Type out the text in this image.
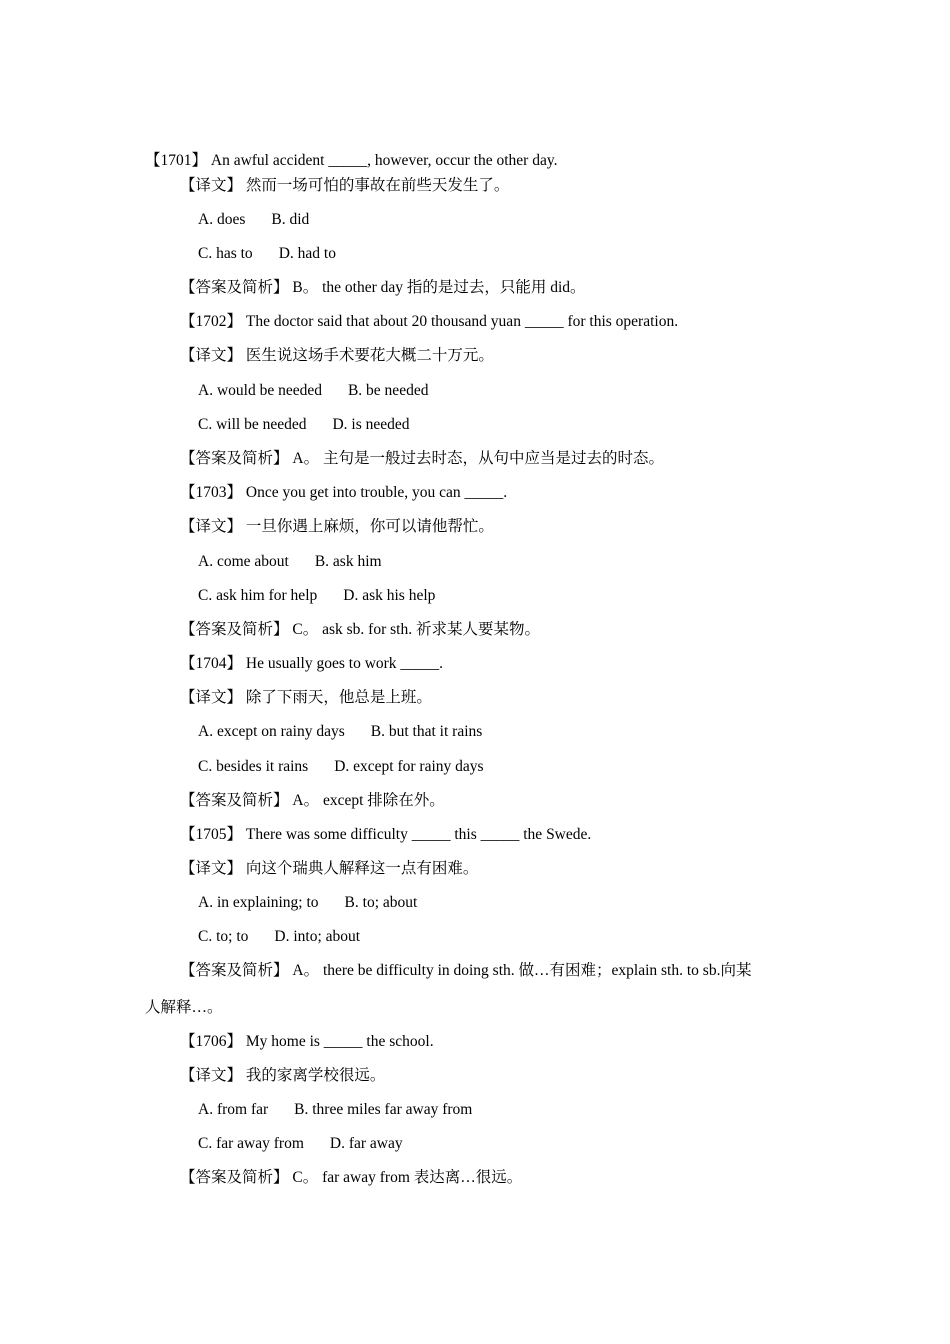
【1701】 An awful accident _____, however, occur the other day.
【译文】 然而一场可怕的事故在前些天发生了。
A. does B. did
C. has to D. had to
【答案及简析】 B。 the other day 指的是过去，只能用 did。
【1702】 The doctor said that about 20 thousand yuan _____ for this operation.
【译文】 医生说这场手术要花大概二十万元。
A. would be needed B. be needed
C. will be needed D. is needed
【答案及简析】 A。 主句是一般过去时态，从句中应当是过去的时态。
【1703】 Once you get into trouble, you can _____.
【译文】 一旦你遇上麻烦，你可以请他帮忙。
A. come about B. ask him
C. ask him for help D. ask his help
【答案及简析】 C。 ask sb. for sth. 祈求某人要某物。
【1704】 He usually goes to work _____.
【译文】 除了下雨天，他总是上班。
A. except on rainy days B. but that it rains
C. besides it rains D. except for rainy days
【答案及简析】 A。 except 排除在外。
【1705】 There was some difficulty _____ this _____ the Swede.
【译文】 向这个瑞典人解释这一点有困难。
A. in explaining; to B. to; about
C. to; to D. into; about
【答案及简析】 A。 there be difficulty in doing sth. 做…有困难；explain sth. to sb.向某
人解释…。
【1706】 My home is _____ the school.
【译文】 我的家离学校很远。
A. from far B. three miles far away from
C. far away from D. far away
【答案及简析】 C。 far away from 表达离…很远。
